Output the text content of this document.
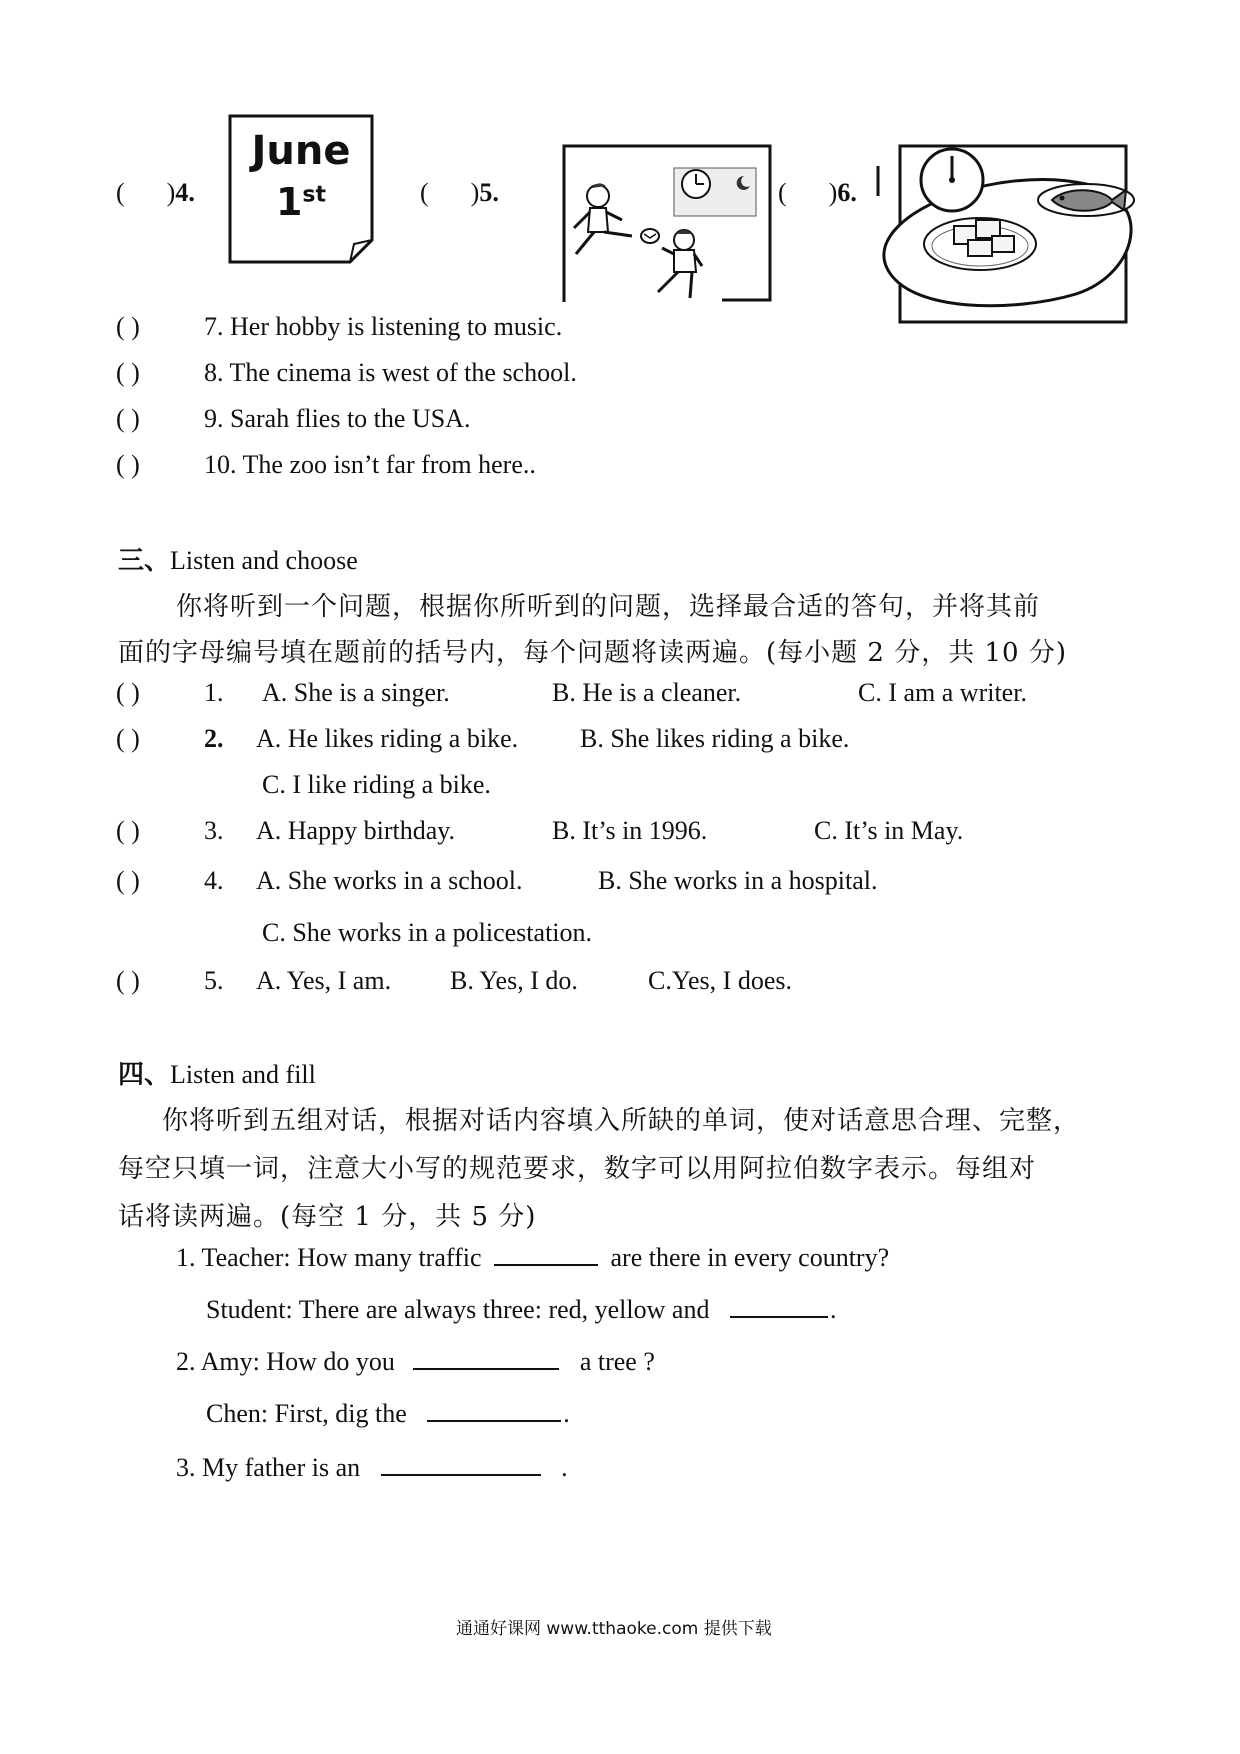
( )4.
June
1st	( )5.	( )6.
( ) 7. Her hobby is listening to music.
( ) 8. The cinema is west of the school.
( ) 9. Sarah flies to the USA.
( ) 10. The zoo isn’t far from here..
三、Listen and choose
你将听到一个问题，根据你所听到的问题，选择最合适的答句，并将其前
面的字母编号填在题前的括号内，每个问题将读两遍。(每小题 2 分，共 10 分)
( ) 1. A. She is a singer.	B. He is a cleaner.	C. I am a writer.
( ) 2. A. He likes riding a bike. B. She likes riding a bike.
C. I like riding a bike.
( ) 3. A. Happy birthday.	B. It’s in 1996.	C. It’s in May.
( ) 4. A. She works in a school.	B. She works in a hospital.
C. She works in a policestation.
( ) 5. A. Yes, I am. B. Yes, I do.	C.Yes, I does.
四、Listen and fill
你将听到五组对话，根据对话内容填入所缺的单词，使对话意思合理、完整，
每空只填一词，注意大小写的规范要求，数字可以用阿拉伯数字表示。每组对
话将读两遍。(每空 1 分，共 5 分)
1. Teacher: How many traffic	are there in every country?
Student: There are always three: red, yellow and	.
2. Amy: How do you	a tree ?
Chen: First, dig the	.
3. My father is an	.
通通好课网 www.tthaoke.com 提供下载
